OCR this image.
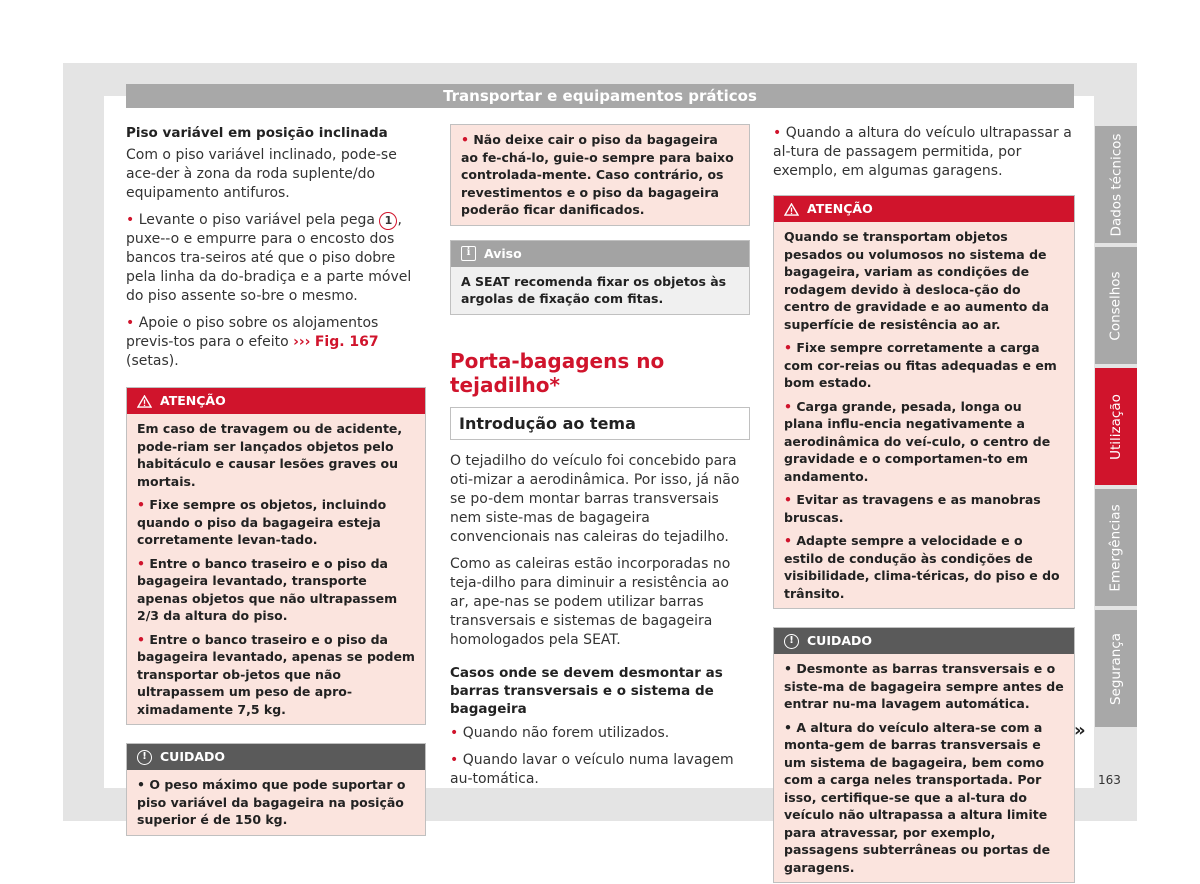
Transportar e equipamentos práticos
Piso variável em posição inclinada

Com o piso variável inclinado, pode-se ace-der à zona da roda suplente/do equipamento antifuros.

• Levante o piso variável pela pega 1 , puxe--o e empurre para o encosto dos bancos tra-seiros até que o piso dobre pela linha da do-bradiça e a parte móvel do piso assente so-bre o mesmo.

• Apoie o piso sobre os alojamentos previs-tos para o efeito ››› Fig. 167 (setas).

ATENÇÃO

Em caso de travagem ou de acidente, pode-riam ser lançados objetos pelo habitáculo e causar lesões graves ou mortais.

• Fixe sempre os objetos, incluindo quando o piso da bagageira esteja corretamente levan-tado.

• Entre o banco traseiro e o piso da bagageira levantado, transporte apenas objetos que não ultrapassem 2/3 da altura do piso.

• Entre o banco traseiro e o piso da bagageira levantado, apenas se podem transportar ob-jetos que não ultrapassem um peso de apro-ximadamente 7,5 kg.

!	CUIDADO

• O peso máximo que pode suportar o piso variável da bagageira na posição superior é de 150 kg.

• Não deixe cair o piso da bagageira ao fe-chá-lo, guie-o sempre para baixo controlada-mente. Caso contrário, os revestimentos e o piso da bagageira poderão ficar danificados.

i	Aviso

A SEAT recomenda fixar os objetos às argolas de fixação com fitas.

Porta-bagagens no tejadilho*
Introdução ao tema

O tejadilho do veículo foi concebido para oti-mizar a aerodinâmica. Por isso, já não se po-dem montar barras transversais nem siste-mas de bagageira convencionais nas caleiras do tejadilho.

Como as caleiras estão incorporadas no teja-dilho para diminuir a resistência ao ar, ape-nas se podem utilizar barras transversais e sistemas de bagageira homologados pela SEAT.

Casos onde se devem desmontar as barras transversais e o sistema de bagageira

• Quando não forem utilizados.

• Quando lavar o veículo numa lavagem au-tomática.

• Quando a altura do veículo ultrapassar a al-tura de passagem permitida, por exemplo, em algumas garagens.

ATENÇÃO

Quando se transportam objetos pesados ou volumosos no sistema de bagageira, variam as condições de rodagem devido à desloca-ção do centro de gravidade e ao aumento da superfície de resistência ao ar.

• Fixe sempre corretamente a carga com cor-reias ou fitas adequadas e em bom estado.

• Carga grande, pesada, longa ou plana influ-encia negativamente a aerodinâmica do veí-culo, o centro de gravidade e o comportamen-to em andamento.

• Evitar as travagens e as manobras bruscas.

• Adapte sempre a velocidade e o estilo de condução às condições de visibilidade, clima-téricas, do piso e do trânsito.

!	CUIDADO

• Desmonte as barras transversais e o siste-ma de bagageira sempre antes de entrar nu-ma lavagem automática.

• A altura do veículo altera-se com a monta-gem de barras transversais e um sistema de bagageira, bem como com a carga neles transportada. Por isso, certifique-se que a al-tura do veículo não ultrapassa a altura limite para atravessar, por exemplo, passagens subterrâneas ou portas de garagens.

»
Dados técnicos
Conselhos
Utilização
Emergências
Segurança
163
